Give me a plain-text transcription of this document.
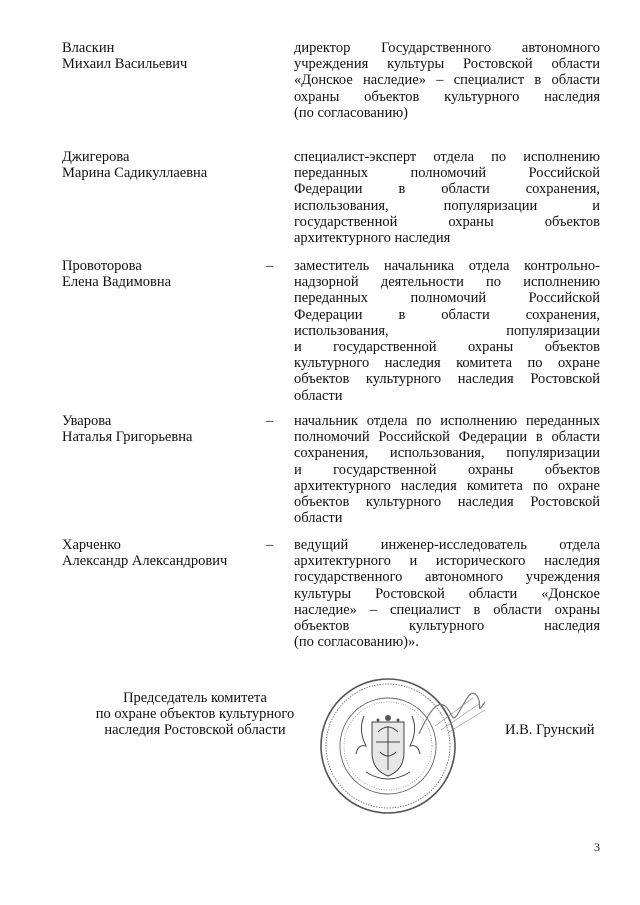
Власкин
Михаил Васильевич
директор Государственного автономного
учреждения культуры Ростовской области
«Донское наследие» – специалист в области
охраны объектов культурного наследия
(по согласованию)
Джигерова
Марина Садикуллаевна
специалист-эксперт отдела по исполнению
переданных полномочий Российской
Федерации в области сохранения,
использования, популяризации и
государственной охраны объектов
архитектурного наследия
Провоторова
Елена Вадимовна
– заместитель начальника отдела контрольно-
надзорной деятельности по исполнению
переданных полномочий Российской
Федерации в области сохранения,
использования, популяризации
и государственной охраны объектов
культурного наследия комитета по охране
объектов культурного наследия Ростовской
области
Уварова
Наталья Григорьевна
– начальник отдела по исполнению переданных
полномочий Российской Федерации в области
сохранения, использования, популяризации
и государственной охраны объектов
архитектурного наследия комитета по охране
объектов культурного наследия Ростовской
области
Харченко
Александр Александрович
– ведущий инженер-исследователь отдела
архитектурного и исторического наследия
государственного автономного учреждения
культуры Ростовской области «Донское
наследие» – специалист в области охраны
объектов культурного наследия
(по согласованию)».
Председатель комитета
по охране объектов культурного
наследия Ростовской области	И.В. Грунский
3
